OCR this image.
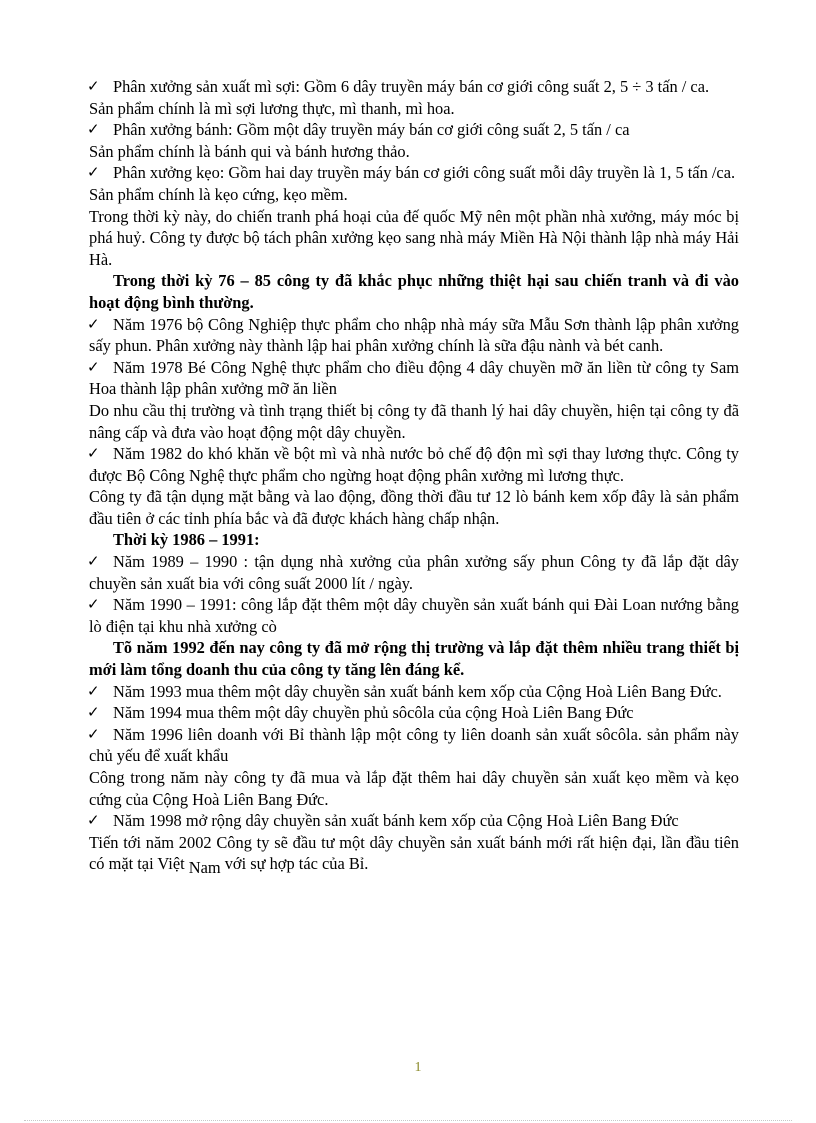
✓ Phân xưởng sản xuất mì sợi: Gồm 6 dây truyền máy bán cơ giới công suất 2, 5 ÷ 3 tấn / ca.

Sản phẩm chính là mì sợi lương thực, mì thanh, mì hoa.

✓ Phân xưởng bánh: Gồm một dây truyền máy bán cơ giới công suất 2, 5 tấn / ca

Sản phẩm chính là bánh qui và bánh hương thảo.

✓ Phân xưởng kẹo: Gồm hai day truyền máy bán cơ giới công suất mỗi dây truyền là 1, 5 tấn /ca.

Sản phẩm chính là kẹo cứng, kẹo mềm.

Trong thời kỳ này, do chiến tranh phá hoại của đế quốc Mỹ nên một phần nhà xưởng, máy móc bị phá huỷ. Công ty được bộ tách phân xưởng kẹo sang nhà máy Miền Hà Nội thành lập nhà máy Hải Hà.

Trong thời kỳ 76 – 85 công ty đã khắc phục những thiệt hại sau chiến tranh và đi vào hoạt động bình thường.

✓ Năm 1976 bộ Công Nghiệp thực phẩm cho nhập nhà máy sữa Mẫu Sơn thành lập phân xưởng sấy phun. Phân xưởng này thành lập hai phân xưởng chính là sữa đậu nành và bét canh.

✓ Năm 1978 Bé Công Nghệ thực phẩm cho điều động 4 dây chuyền mỡ ăn liền từ công ty Sam Hoa thành lập phân xưởng mỡ ăn liền

Do nhu cầu thị trường và tình trạng thiết bị công ty đã thanh lý hai dây chuyền, hiện tại công ty đã nâng cấp và đưa vào hoạt động một dây chuyền.

✓ Năm 1982 do khó khăn về bột mì và nhà nước bỏ chế độ độn mì sợi thay lương thực. Công ty được Bộ Công Nghệ thực phẩm cho ngừng hoạt động phân xưởng mì lương thực.

Công ty đã tận dụng mặt bằng và lao động, đồng thời đầu tư 12 lò bánh kem xốp đây là sản phẩm đầu tiên ở các tỉnh phía bắc và đã được khách hàng chấp nhận.

Thời kỳ 1986 – 1991:

✓ Năm 1989 – 1990 : tận dụng nhà xưởng của phân xưởng sấy phun Công ty đã lắp đặt dây chuyền sản xuất bia với công suất 2000 lít / ngày.

✓ Năm 1990 – 1991: công lắp đặt thêm một dây chuyền sản xuất bánh qui Đài Loan nướng bằng lò điện tại khu nhà xưởng cò

Tõ năm 1992 đến nay công ty đã mở rộng thị trường và lắp đặt thêm nhiều trang thiết bị mới làm tổng doanh thu của công ty tăng lên đáng kể.

✓ Năm 1993 mua thêm một dây chuyền sản xuất bánh kem xốp của Cộng Hoà Liên Bang Đức.

✓ Năm 1994 mua thêm một dây chuyền phủ sôcôla của cộng Hoà Liên Bang Đức

✓ Năm 1996 liên doanh với Bỉ thành lập một công ty liên doanh sản xuất sôcôla. sản phẩm này chủ yếu để xuất khẩu

Công trong năm này công ty đã mua và lắp đặt thêm hai dây chuyền sản xuất kẹo mềm và kẹo cứng của Cộng Hoà Liên Bang Đức.

✓ Năm 1998 mở rộng dây chuyền sản xuất bánh kem xốp của Cộng Hoà Liên Bang Đức

Tiến tới năm 2002 Công ty sẽ đầu tư một dây chuyền sản xuất bánh mới rất hiện đại, lần đầu tiên có mặt tại Việt Nam với sự hợp tác của Bỉ.

1
